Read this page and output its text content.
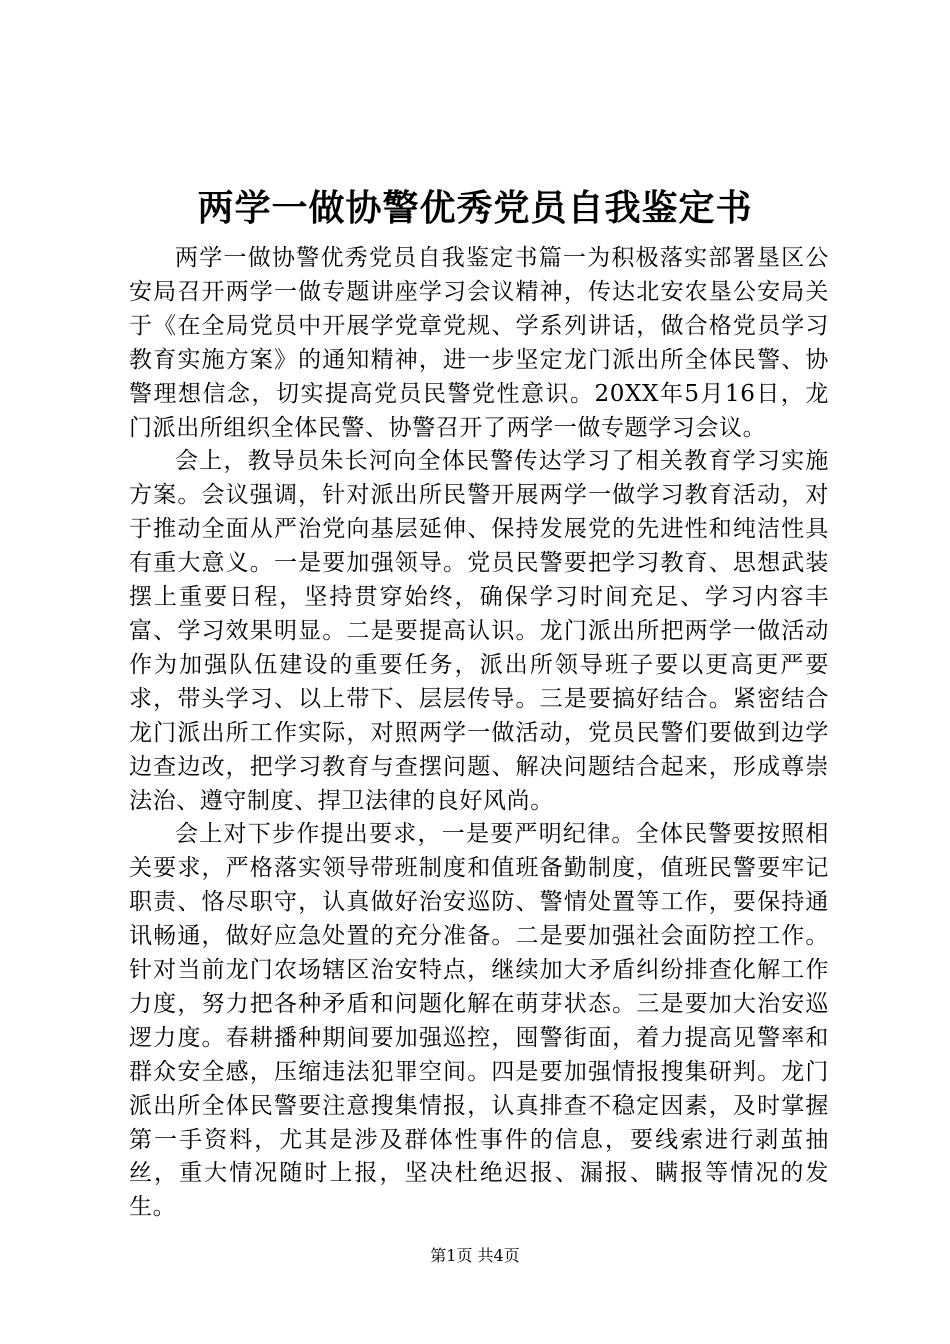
两学一做协警优秀党员自我鉴定书

两学一做协警优秀党员自我鉴定书篇一为积极落实部署垦区公安局召开两学一做专题讲座学习会议精神，传达北安农垦公安局关于《在全局党员中开展学党章党规、学系列讲话，做合格党员学习教育实施方案》的通知精神，进一步坚定龙门派出所全体民警、协警理想信念，切实提高党员民警党性意识。20XX年5月16日，龙门派出所组织全体民警、协警召开了两学一做专题学习会议。

会上，教导员朱长河向全体民警传达学习了相关教育学习实施方案。会议强调，针对派出所民警开展两学一做学习教育活动，对于推动全面从严治党向基层延伸、保持发展党的先进性和纯洁性具有重大意义。一是要加强领导。党员民警要把学习教育、思想武装摆上重要日程，坚持贯穿始终，确保学习时间充足、学习内容丰富、学习效果明显。二是要提高认识。龙门派出所把两学一做活动作为加强队伍建设的重要任务，派出所领导班子要以更高更严要求，带头学习、以上带下、层层传导。三是要搞好结合。紧密结合龙门派出所工作实际，对照两学一做活动，党员民警们要做到边学边查边改，把学习教育与查摆问题、解决问题结合起来，形成尊崇法治、遵守制度、捍卫法律的良好风尚。

会上对下步作提出要求，一是要严明纪律。全体民警要按照相关要求，严格落实领导带班制度和值班备勤制度，值班民警要牢记职责、恪尽职守，认真做好治安巡防、警情处置等工作，要保持通讯畅通，做好应急处置的充分准备。二是要加强社会面防控工作。针对当前龙门农场辖区治安特点，继续加大矛盾纠纷排查化解工作力度，努力把各种矛盾和问题化解在萌芽状态。三是要加大治安巡逻力度。春耕播种期间要加强巡控，囤警街面，着力提高见警率和群众安全感，压缩违法犯罪空间。四是要加强情报搜集研判。龙门派出所全体民警要注意搜集情报，认真排查不稳定因素，及时掌握第一手资料，尤其是涉及群体性事件的信息，要线索进行剥茧抽丝，重大情况随时上报，坚决杜绝迟报、漏报、瞒报等情况的发生。

第1页 共4页
